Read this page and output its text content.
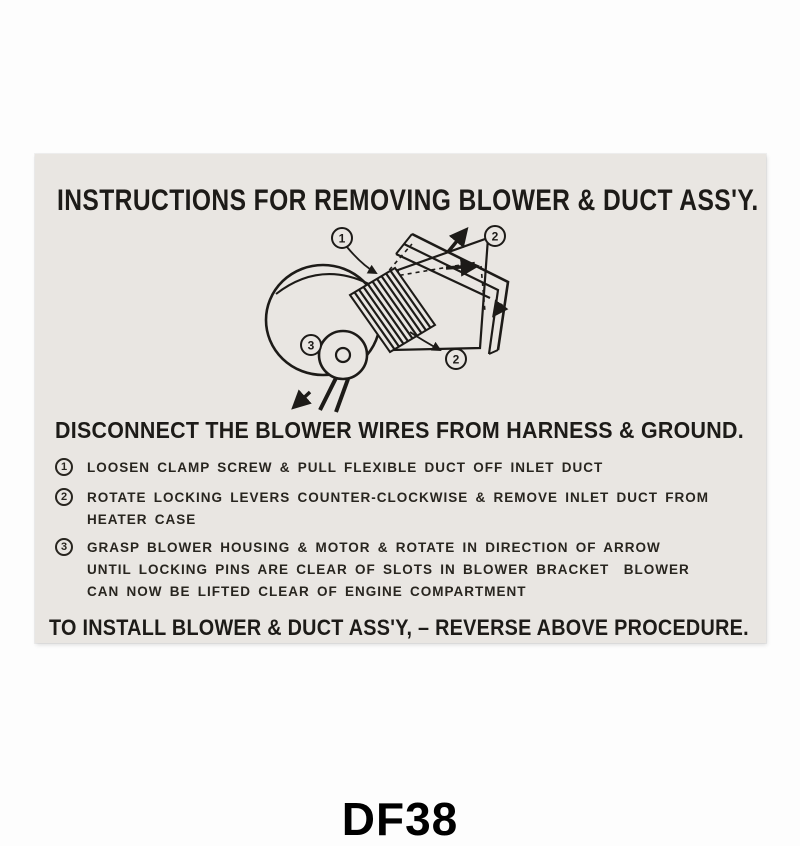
INSTRUCTIONS FOR REMOVING BLOWER & DUCT ASS'Y.
1	2
2
3
DISCONNECT THE BLOWER WIRES FROM HARNESS & GROUND.
1	LOOSEN CLAMP SCREW & PULL FLEXIBLE DUCT OFF INLET DUCT
2	ROTATE LOCKING LEVERS COUNTER-CLOCKWISE & REMOVE INLET DUCT FROM
HEATER CASE
3	GRASP BLOWER HOUSING & MOTOR & ROTATE IN DIRECTION OF ARROW
UNTIL LOCKING PINS ARE CLEAR OF SLOTS IN BLOWER BRACKET  BLOWER
CAN NOW BE LIFTED CLEAR OF ENGINE COMPARTMENT
TO INSTALL BLOWER & DUCT ASS'Y, – REVERSE ABOVE PROCEDURE.
DF38
